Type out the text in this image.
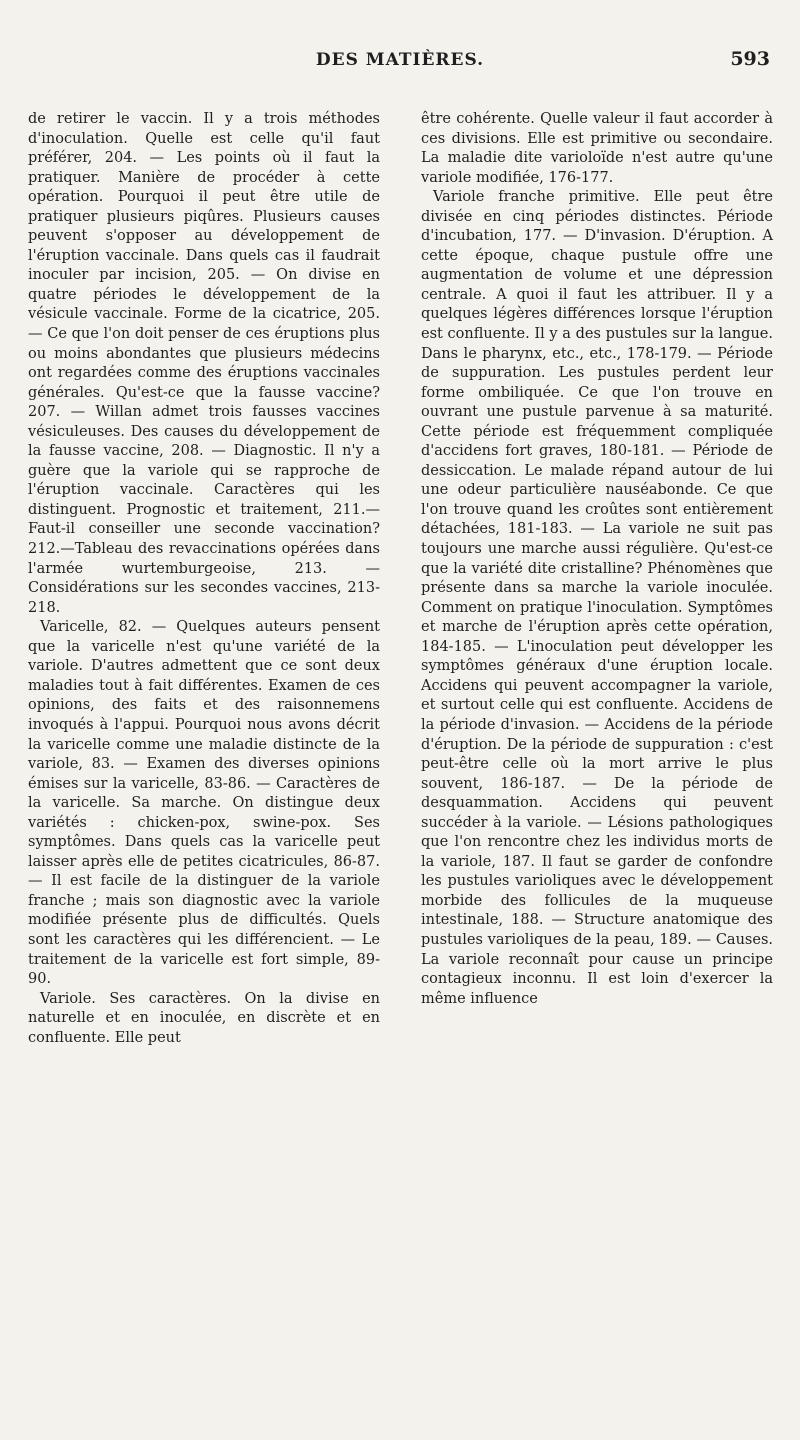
DES MATIÈRES.	593

de retirer le vaccin. Il y a trois méthodes d'inoculation. Quelle est celle qu'il faut préférer, 204. — Les points où il faut la pratiquer. Manière de procéder à cette opération. Pourquoi il peut être utile de pratiquer plusieurs piqûres. Plusieurs causes peuvent s'opposer au développement de l'éruption vaccinale. Dans quels cas il faudrait inoculer par incision, 205. — On divise en quatre périodes le développement de la vésicule vaccinale. Forme de la cicatrice, 205. — Ce que l'on doit penser de ces éruptions plus ou moins abondantes que plusieurs médecins ont regardées comme des éruptions vaccinales générales. Qu'est-ce que la fausse vaccine? 207. — Willan admet trois fausses vaccines vésiculeuses. Des causes du développement de la fausse vaccine, 208. — Diagnostic. Il n'y a guère que la variole qui se rapproche de l'éruption vaccinale. Caractères qui les distinguent. Prognostic et traitement, 211.—Faut-il conseiller une seconde vaccination? 212.—Tableau des revaccinations opérées dans l'armée wurtemburgeoise, 213. — Considérations sur les secondes vaccines, 213-218.

Varicelle, 82. — Quelques auteurs pensent que la varicelle n'est qu'une variété de la variole. D'autres admettent que ce sont deux maladies tout à fait différentes. Examen de ces opinions, des faits et des raisonnemens invoqués à l'appui. Pourquoi nous avons décrit la varicelle comme une maladie distincte de la variole, 83. — Examen des diverses opinions émises sur la varicelle, 83-86. — Caractères de la varicelle. Sa marche. On distingue deux variétés : chicken-pox, swine-pox. Ses symptômes. Dans quels cas la varicelle peut laisser après elle de petites cicatricules, 86-87. — Il est facile de la distinguer de la variole franche ; mais son diagnostic avec la variole modifiée présente plus de difficultés. Quels sont les caractères qui les différencient. — Le traitement de la varicelle est fort simple, 89-90.

Variole. Ses caractères. On la divise en naturelle et en inoculée, en discrète et en confluente. Elle peut

être cohérente. Quelle valeur il faut accorder à ces divisions. Elle est primitive ou secondaire. La maladie dite varioloïde n'est autre qu'une variole modifiée, 176-177.

Variole franche primitive. Elle peut être divisée en cinq périodes distinctes. Période d'incubation, 177. — D'invasion. D'éruption. A cette époque, chaque pustule offre une augmentation de volume et une dépression centrale. A quoi il faut les attribuer. Il y a quelques légères différences lorsque l'éruption est confluente. Il y a des pustules sur la langue. Dans le pharynx, etc., etc., 178-179. — Période de suppuration. Les pustules perdent leur forme ombiliquée. Ce que l'on trouve en ouvrant une pustule parvenue à sa maturité. Cette période est fréquemment compliquée d'accidens fort graves, 180-181. — Période de dessiccation. Le malade répand autour de lui une odeur particulière nauséabonde. Ce que l'on trouve quand les croûtes sont entièrement détachées, 181-183. — La variole ne suit pas toujours une marche aussi régulière. Qu'est-ce que la variété dite cristalline? Phénomènes que présente dans sa marche la variole inoculée. Comment on pratique l'inoculation. Symptômes et marche de l'éruption après cette opération, 184-185. — L'inoculation peut développer les symptômes généraux d'une éruption locale. Accidens qui peuvent accompagner la variole, et surtout celle qui est confluente. Accidens de la période d'invasion. — Accidens de la période d'éruption. De la période de suppuration : c'est peut-être celle où la mort arrive le plus souvent, 186-187. — De la période de desquammation. Accidens qui peuvent succéder à la variole. — Lésions pathologiques que l'on rencontre chez les individus morts de la variole, 187. Il faut se garder de confondre les pustules varioliques avec le développement morbide des follicules de la muqueuse intestinale, 188. — Structure anatomique des pustules varioliques de la peau, 189. — Causes. La variole reconnaît pour cause un principe contagieux inconnu. Il est loin d'exercer la même influence
